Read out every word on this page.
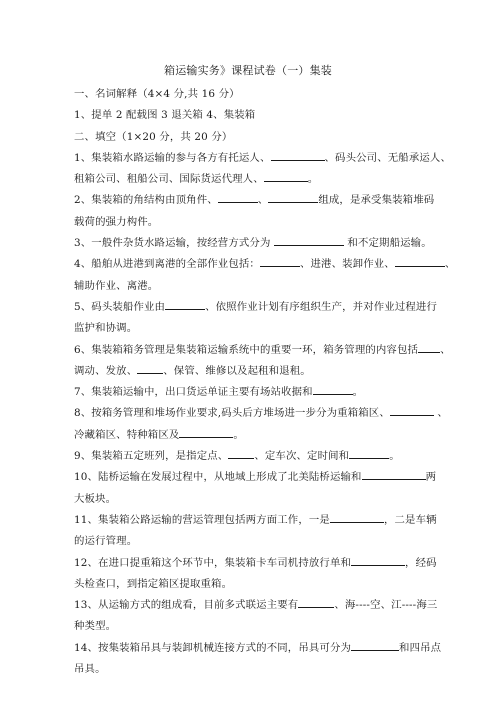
箱运输实务》课程试卷（一）集装
一、名词解释（4×4 分,共 16 分）
1、提单 2 配载图 3 退关箱 4、集装箱
二、填空（1×20 分，共 20 分）
1、集装箱水路运输的参与各方有托运人、	、码头公司、无船承运人、
租箱公司、租船公司、国际货运代理人、	。
2、集装箱的角结构由顶角件、	、	组成，是承受集装箱堆码
载荷的强力构件。
3、一般件杂货水路运输，按经营方式分为	和不定期船运输。
4、船舶从进港到离港的全部作业包括：	、进港、装卸作业、	、
辅助作业、离港。
5、码头装船作业由	、依照作业计划有序组织生产，并对作业过程进行
监护和协调。
6、集装箱箱务管理是集装箱运输系统中的重要一环，箱务管理的内容包括 、
调动、发放、	、保管、维修以及起租和退租。
7、集装箱运输中，出口货运单证主要有场站收据和	。
8、按箱务管理和堆场作业要求,码头后方堆场进一步分为重箱箱区、	、
冷藏箱区、特种箱区及	。
9、集装箱五定班列，是指定点、	、定车次、定时间和	。
10、陆桥运输在发展过程中，从地域上形成了北美陆桥运输和	两
大板块。
11、集装箱公路运输的营运管理包括两方面工作，一是	，二是车辆
的运行管理。
12、在进口提重箱这个环节中，集装箱卡车司机持放行单和	，经码
头检查口，到指定箱区提取重箱。
13、从运输方式的组成看，目前多式联运主要有	、海----空、江----海三
种类型。
14、按集装箱吊具与装卸机械连接方式的不同，吊具可分为	和四吊点
吊具。
